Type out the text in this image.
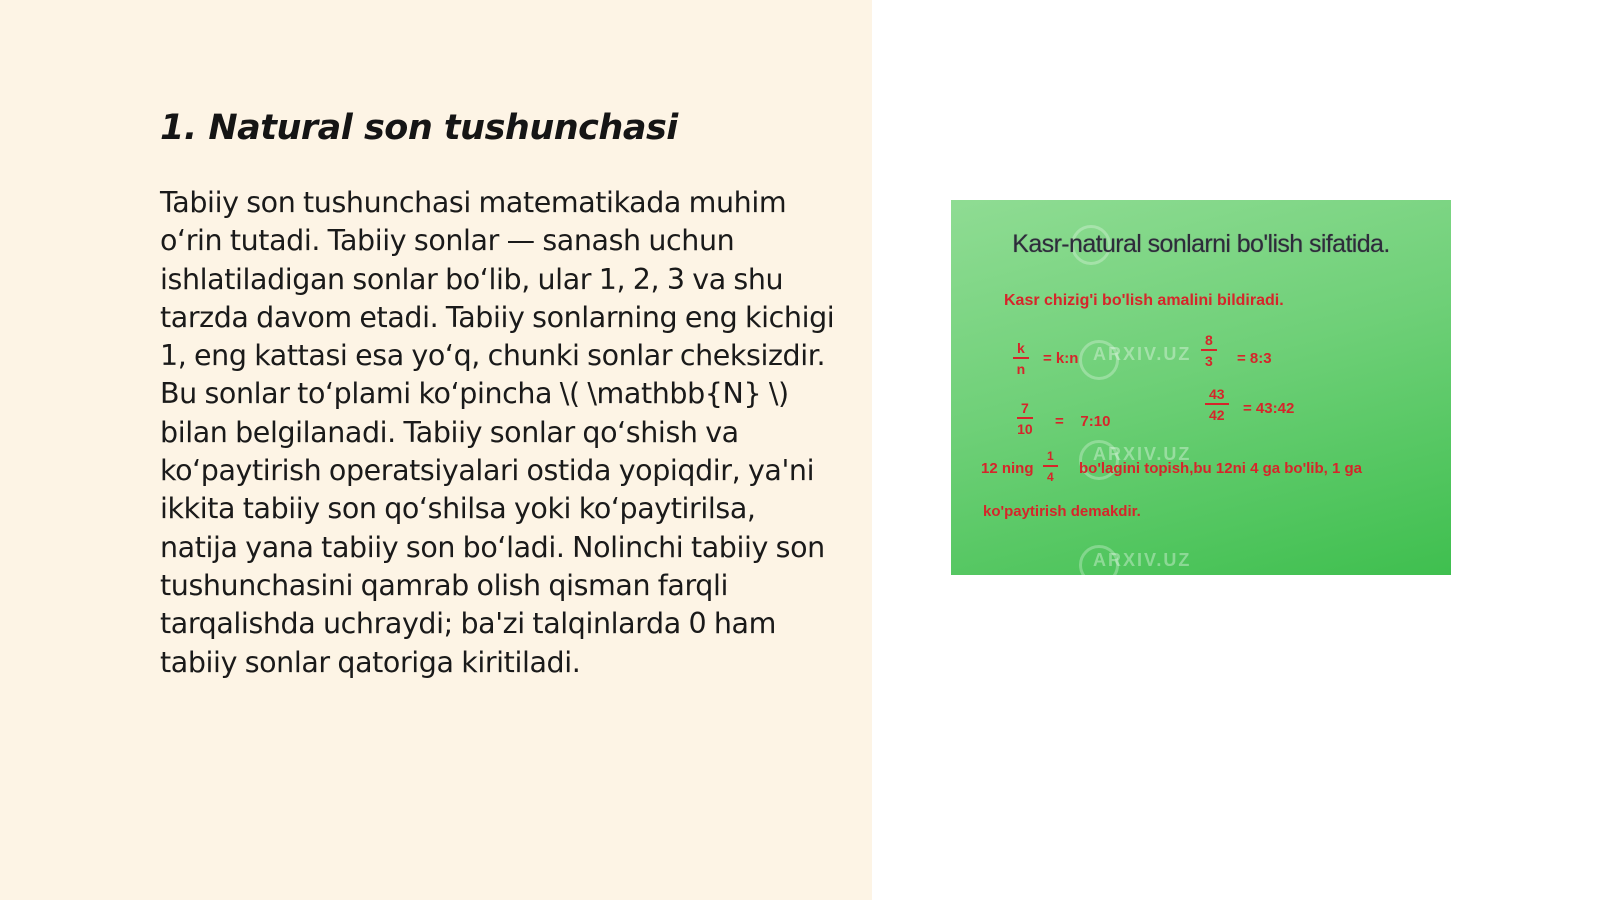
1. Natural son tushunchasi

Tabiiy son tushunchasi matematikada muhim o‘rin tutadi. Tabiiy sonlar — sanash uchun ishlatiladigan sonlar bo‘lib, ular 1, 2, 3 va shu tarzda davom etadi. Tabiiy sonlarning eng kichigi 1, eng kattasi esa yo‘q, chunki sonlar cheksizdir. Bu sonlar to‘plami ko‘pincha \( \mathbb{N} \) bilan belgilanadi. Tabiiy sonlar qo‘shish va ko‘paytirish operatsiyalari ostida yopiqdir, ya'ni ikkita tabiiy son qo‘shilsa yoki ko‘paytirilsa, natija yana tabiiy son bo‘ladi. Nolinchi tabiiy son tushunchasini qamrab olish qisman farqli tarqalishda uchraydi; ba'zi talqinlarda 0 ham tabiiy sonlar qatoriga kiritiladi.

ARXIV.UZ
ARXIV.UZ
ARXIV.UZ
Kasr-natural sonlarni bo'lish sifatida.
Kasr chizig'i bo'lish amalini bildiradi.
$\frac{k}{n}$ = k:n	$\frac{8}{3}$ = 8:3
$\frac{7}{10}$ =    7:10	$\frac{43}{42}$ = 43:42
12 ning $\frac{1}{4}$ bo'lagini topish,bu 12ni 4 ga bo'lib, 1 ga
ko'paytirish demakdir.
